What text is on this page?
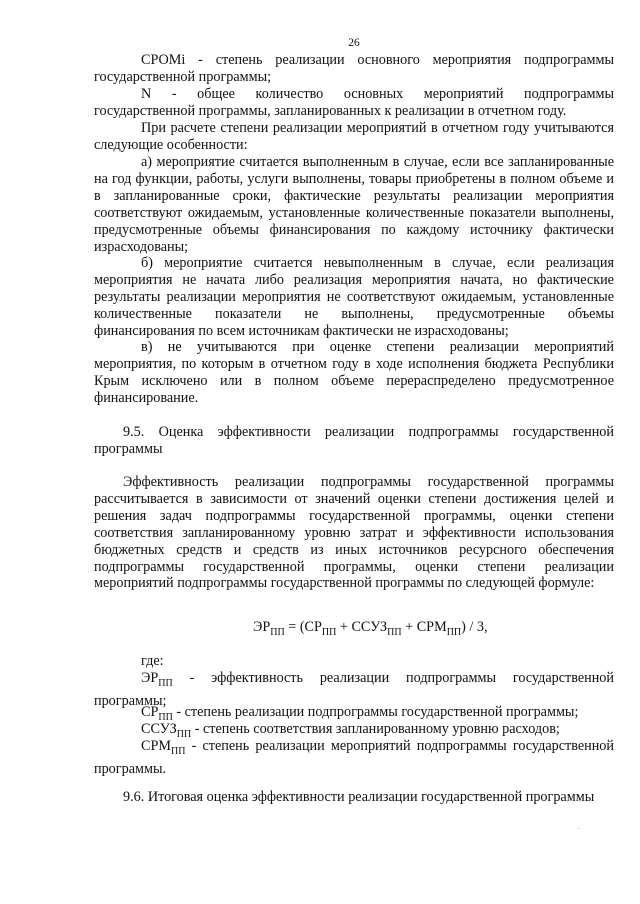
26

СРОМi - степень реализации основного мероприятия подпрограммы государственной программы;

N - общее количество основных мероприятий подпрограммы государственной программы, запланированных к реализации в отчетном году.

При расчете степени реализации мероприятий в отчетном году учитываются следующие особенности:

а) мероприятие считается выполненным в случае, если все запланированные на год функции, работы, услуги выполнены, товары приобретены в полном объеме и в запланированные сроки, фактические результаты реализации мероприятия соответствуют ожидаемым, установленные количественные показатели выполнены, предусмотренные объемы финансирования по каждому источнику фактически израсходованы;

б) мероприятие считается невыполненным в случае, если реализация мероприятия не начата либо реализация мероприятия начата, но фактические результаты реализации мероприятия не соответствуют ожидаемым, установленные количественные показатели не выполнены, предусмотренные объемы финансирования по всем источникам фактически не израсходованы;

в) не учитываются при оценке степени реализации мероприятий мероприятия, по которым в отчетном году в ходе исполнения бюджета Республики Крым исключено или в полном объеме перераспределено предусмотренное финансирование.

9.5. Оценка эффективности реализации подпрограммы государственной программы

Эффективность реализации подпрограммы государственной программы рассчитывается в зависимости от значений оценки степени достижения целей и решения задач подпрограммы государственной программы, оценки степени соответствия запланированному уровню затрат и эффективности использования бюджетных средств и средств из иных источников ресурсного обеспечения подпрограммы государственной программы, оценки степени реализации мероприятий подпрограммы государственной программы по следующей формуле:

$ЭР_{ПП} = (СР_{ПП}$ + $ССУЗ_{ПП} + СРМ_{ПП}) / 3$,

где:

$ЭР_{ПП}$ - эффективность реализации подпрограммы государственной программы;

$СР_{ПП}$ - степень реализации подпрограммы государственной программы;

$ССУЗ_{ПП}$ - степень соответствия запланированному уровню расходов;

$СРМ_{ПП}$ - степень реализации мероприятий подпрограммы государственной программы.

9.6. Итоговая оценка эффективности реализации государственной программы

.
